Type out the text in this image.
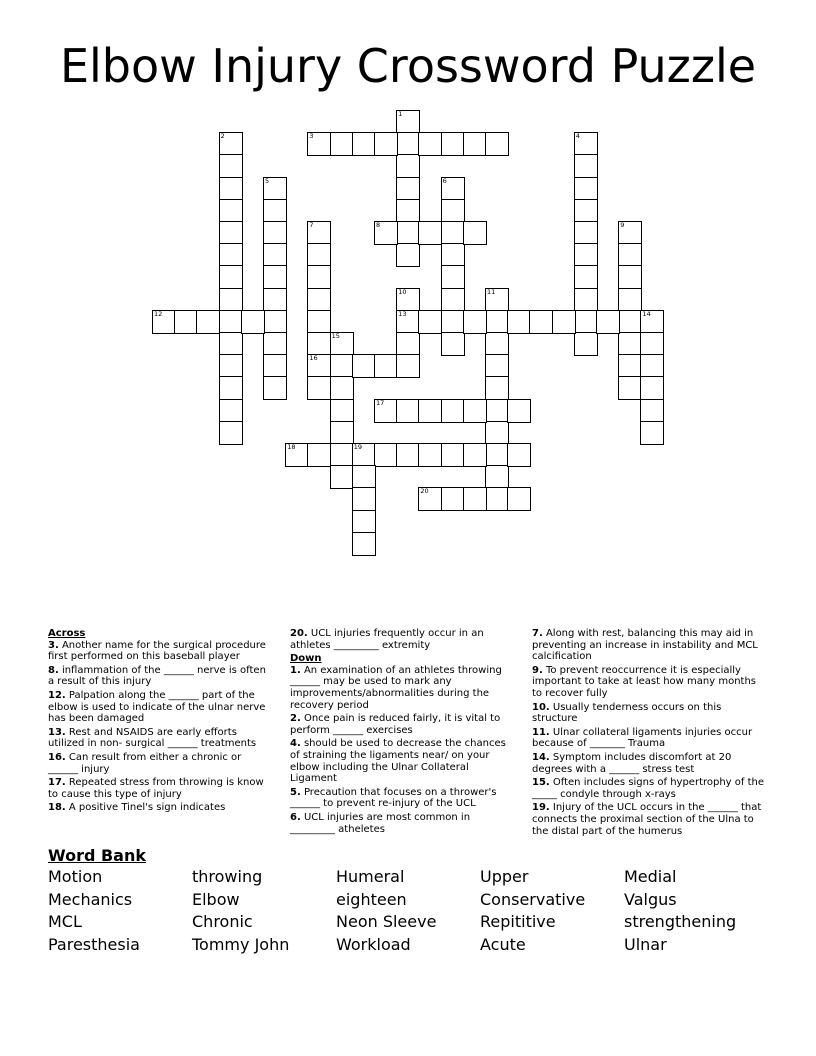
Elbow Injury Crossword Puzzle
1
2	3	4
5	6
7
16
8	9
10
13
11
12	14
15
17
18	19
20
Across
3. Another name for the surgical procedure first performed on this baseball player
8. inflammation of the ______ nerve is often a result of this injury
12. Palpation along the ______ part of the elbow is used to indicate of the ulnar nerve has been damaged
13. Rest and NSAIDS are early efforts utilized in non- surgical ______ treatments
16. Can result from either a chronic or ______ injury
17. Repeated stress from throwing is know to cause this type of injury
18. A positive Tinel's sign indicates
20. UCL injuries frequently occur in an athletes _________ extremity
Down
1. An examination of an athletes throwing ______ may be used to mark any improvements/abnormalities during the recovery period
2. Once pain is reduced fairly, it is vital to perform ______ exercises
4. should be used to decrease the chances of straining the ligaments near/ on your elbow including the Ulnar Collateral Ligament
5. Precaution that focuses on a thrower's ______ to prevent re-injury of the UCL
6. UCL injuries are most common in _________ atheletes
7. Along with rest, balancing this may aid in preventing an increase in instability and MCL calcification
9. To prevent reoccurrence it is especially important to take at least how many months to recover fully
10. Usually tenderness occurs on this structure
11. Ulnar collateral ligaments injuries occur because of _______ Trauma
14. Symptom includes discomfort at 20 degrees with a ______ stress test
15. Often includes signs of hypertrophy of the _____ condyle through x-rays
19. Injury of the UCL occurs in the ______ that connects the proximal section of the Ulna to the distal part of the humerus
Word Bank
Motion	throwing	Humeral	Upper	Medial
Mechanics	Elbow	eighteen	Conservative	Valgus
MCL	Chronic	Neon Sleeve	Repititive	strengthening
Paresthesia	Tommy John	Workload	Acute	Ulnar
